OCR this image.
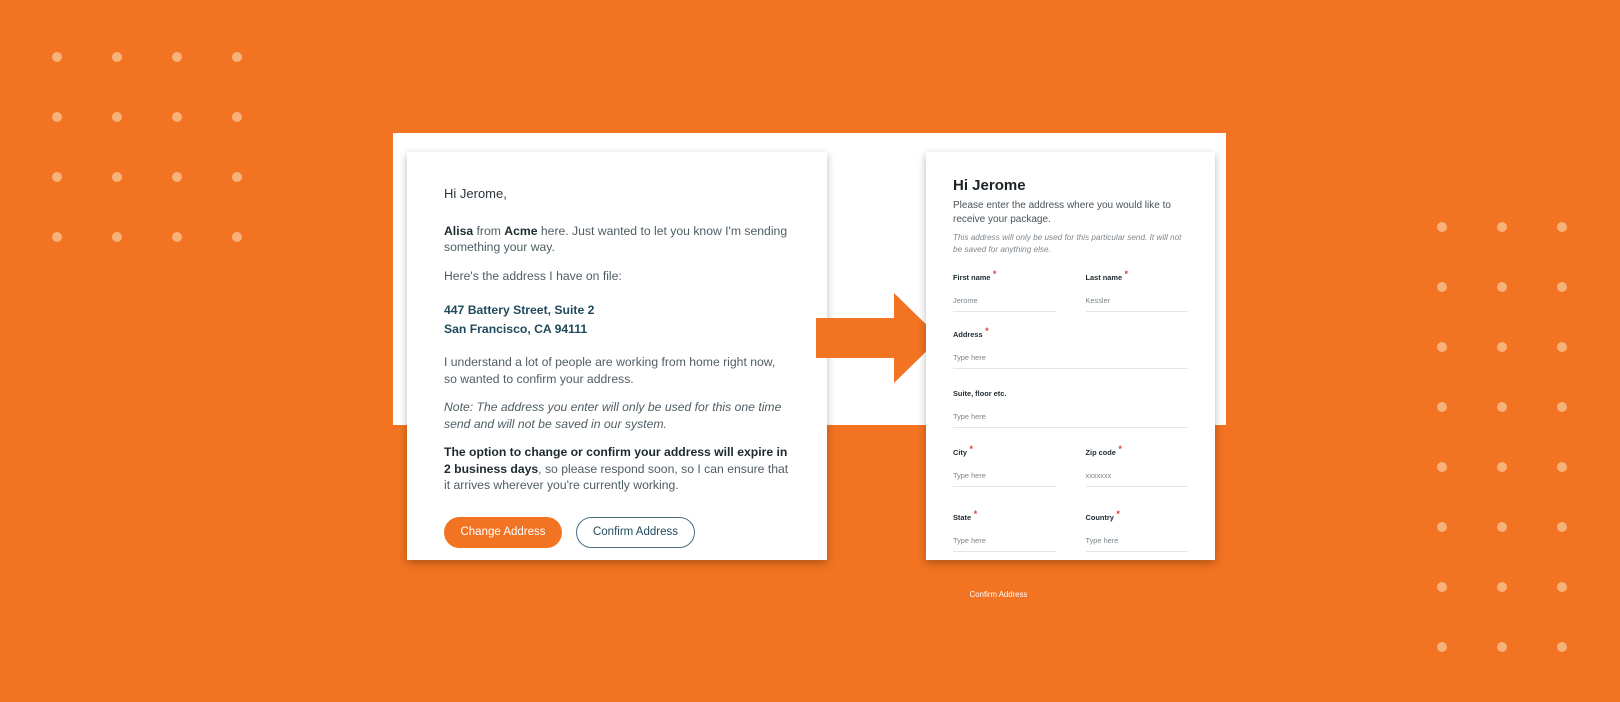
Hi Jerome,

Alisa from Acme here. Just wanted to let you know I'm sending something your way.

Here's the address I have on file:

447 Battery Street, Suite 2
San Francisco, CA 94111

I understand a lot of people are working from home right now, so wanted to confirm your address.

Note: The address you enter will only be used for this one time send and will not be saved in our system.

The option to change or confirm your address will expire in 2 business days, so please respond soon, so I can ensure that it arrives wherever you're currently working.

Change Address	Confirm Address
Hi Jerome
Please enter the address where you would like to receive your package.
This address will only be used for this particular send. It will not be saved for anything else.
First name *
Jerome
Last name *
Kessler
Address *
Type here
Suite, floor etc.
Type here
City *
Type here
Zip code *
xxxxxxx
State *
Type here
Country *
Type here
Confirm Address
